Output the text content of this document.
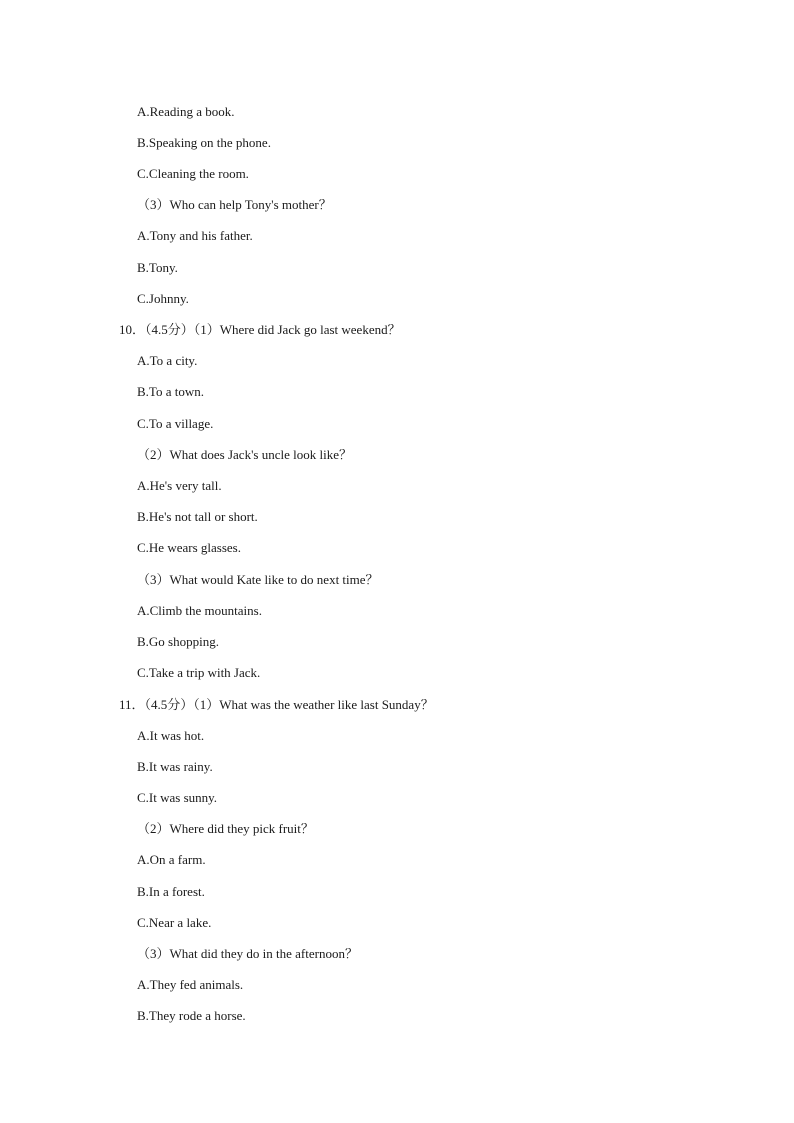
A.Reading a book.
B.Speaking on the phone.
C.Cleaning the room.
（3）Who can help Tony's mother？
A.Tony and his father.
B.Tony.
C.Johnny.
10．（4.5分）（1）Where did Jack go last weekend？
A.To a city.
B.To a town.
C.To a village.
（2）What does Jack's uncle look like？
A.He's very tall.
B.He's not tall or short.
C.He wears glasses.
（3）What would Kate like to do next time？
A.Climb the mountains.
B.Go shopping.
C.Take a trip with Jack.
11．（4.5分）（1）What was the weather like last Sunday？
A.It was hot.
B.It was rainy.
C.It was sunny.
（2）Where did they pick fruit？
A.On a farm.
B.In a forest.
C.Near a lake.
（3）What did they do in the afternoon？
A.They fed animals.
B.They rode a horse.
